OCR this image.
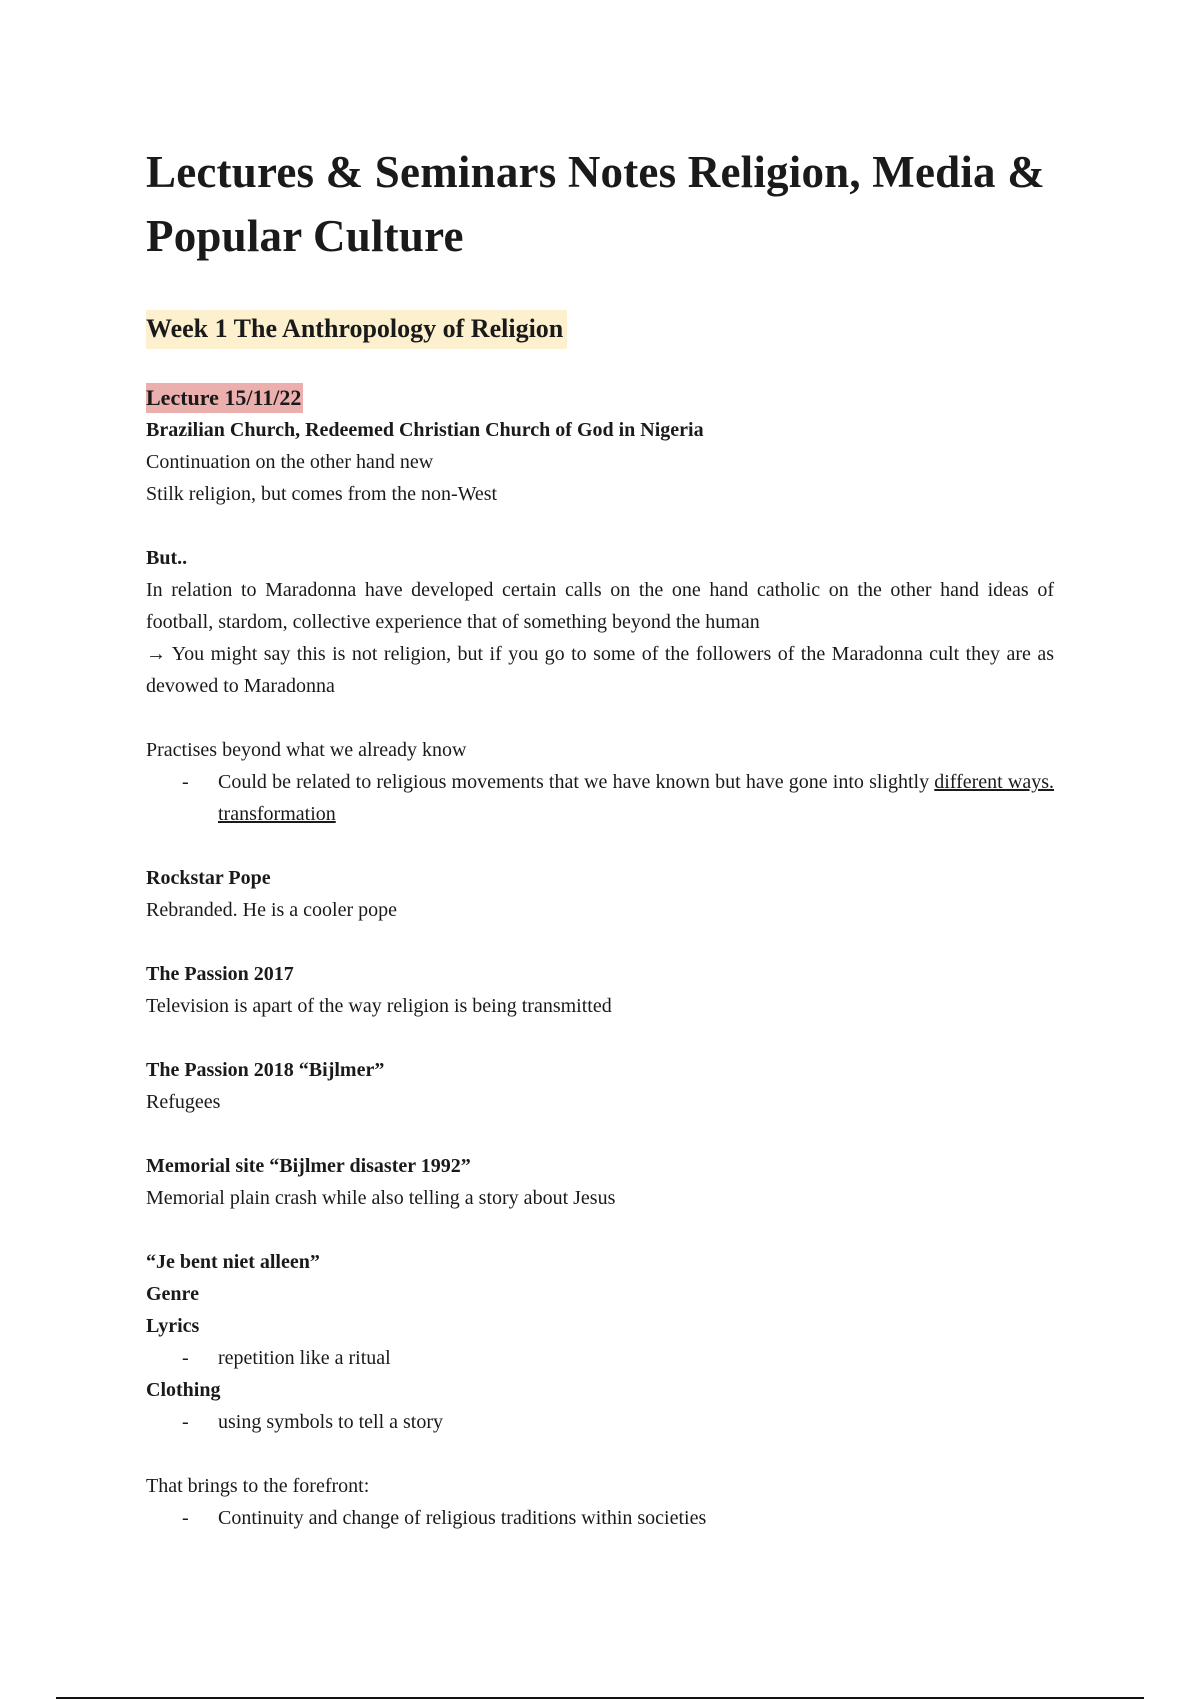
Lectures & Seminars Notes Religion, Media & Popular Culture
Week 1 The Anthropology of Religion
Lecture 15/11/22

Brazilian Church, Redeemed Christian Church of God in Nigeria

Continuation on the other hand new

Stilk religion, but comes from the non-West

But..

In relation to Maradonna have developed certain calls on the one hand catholic on the other hand ideas of football, stardom, collective experience that of something beyond the human

→ You might say this is not religion, but if you go to some of the followers of the Maradonna cult they are as devowed to Maradonna

Practises beyond what we already know

-	Could be related to religious movements that we have known but have gone into slightly different ways. transformation

Rockstar Pope

Rebranded. He is a cooler pope

The Passion 2017

Television is apart of the way religion is being transmitted

The Passion 2018 “Bijlmer”

Refugees

Memorial site “Bijlmer disaster 1992”

Memorial plain crash while also telling a story about Jesus

“Je bent niet alleen”

Genre

Lyrics

-	repetition like a ritual

Clothing

-	using symbols to tell a story

That brings to the forefront:

-	Continuity and change of religious traditions within societies
